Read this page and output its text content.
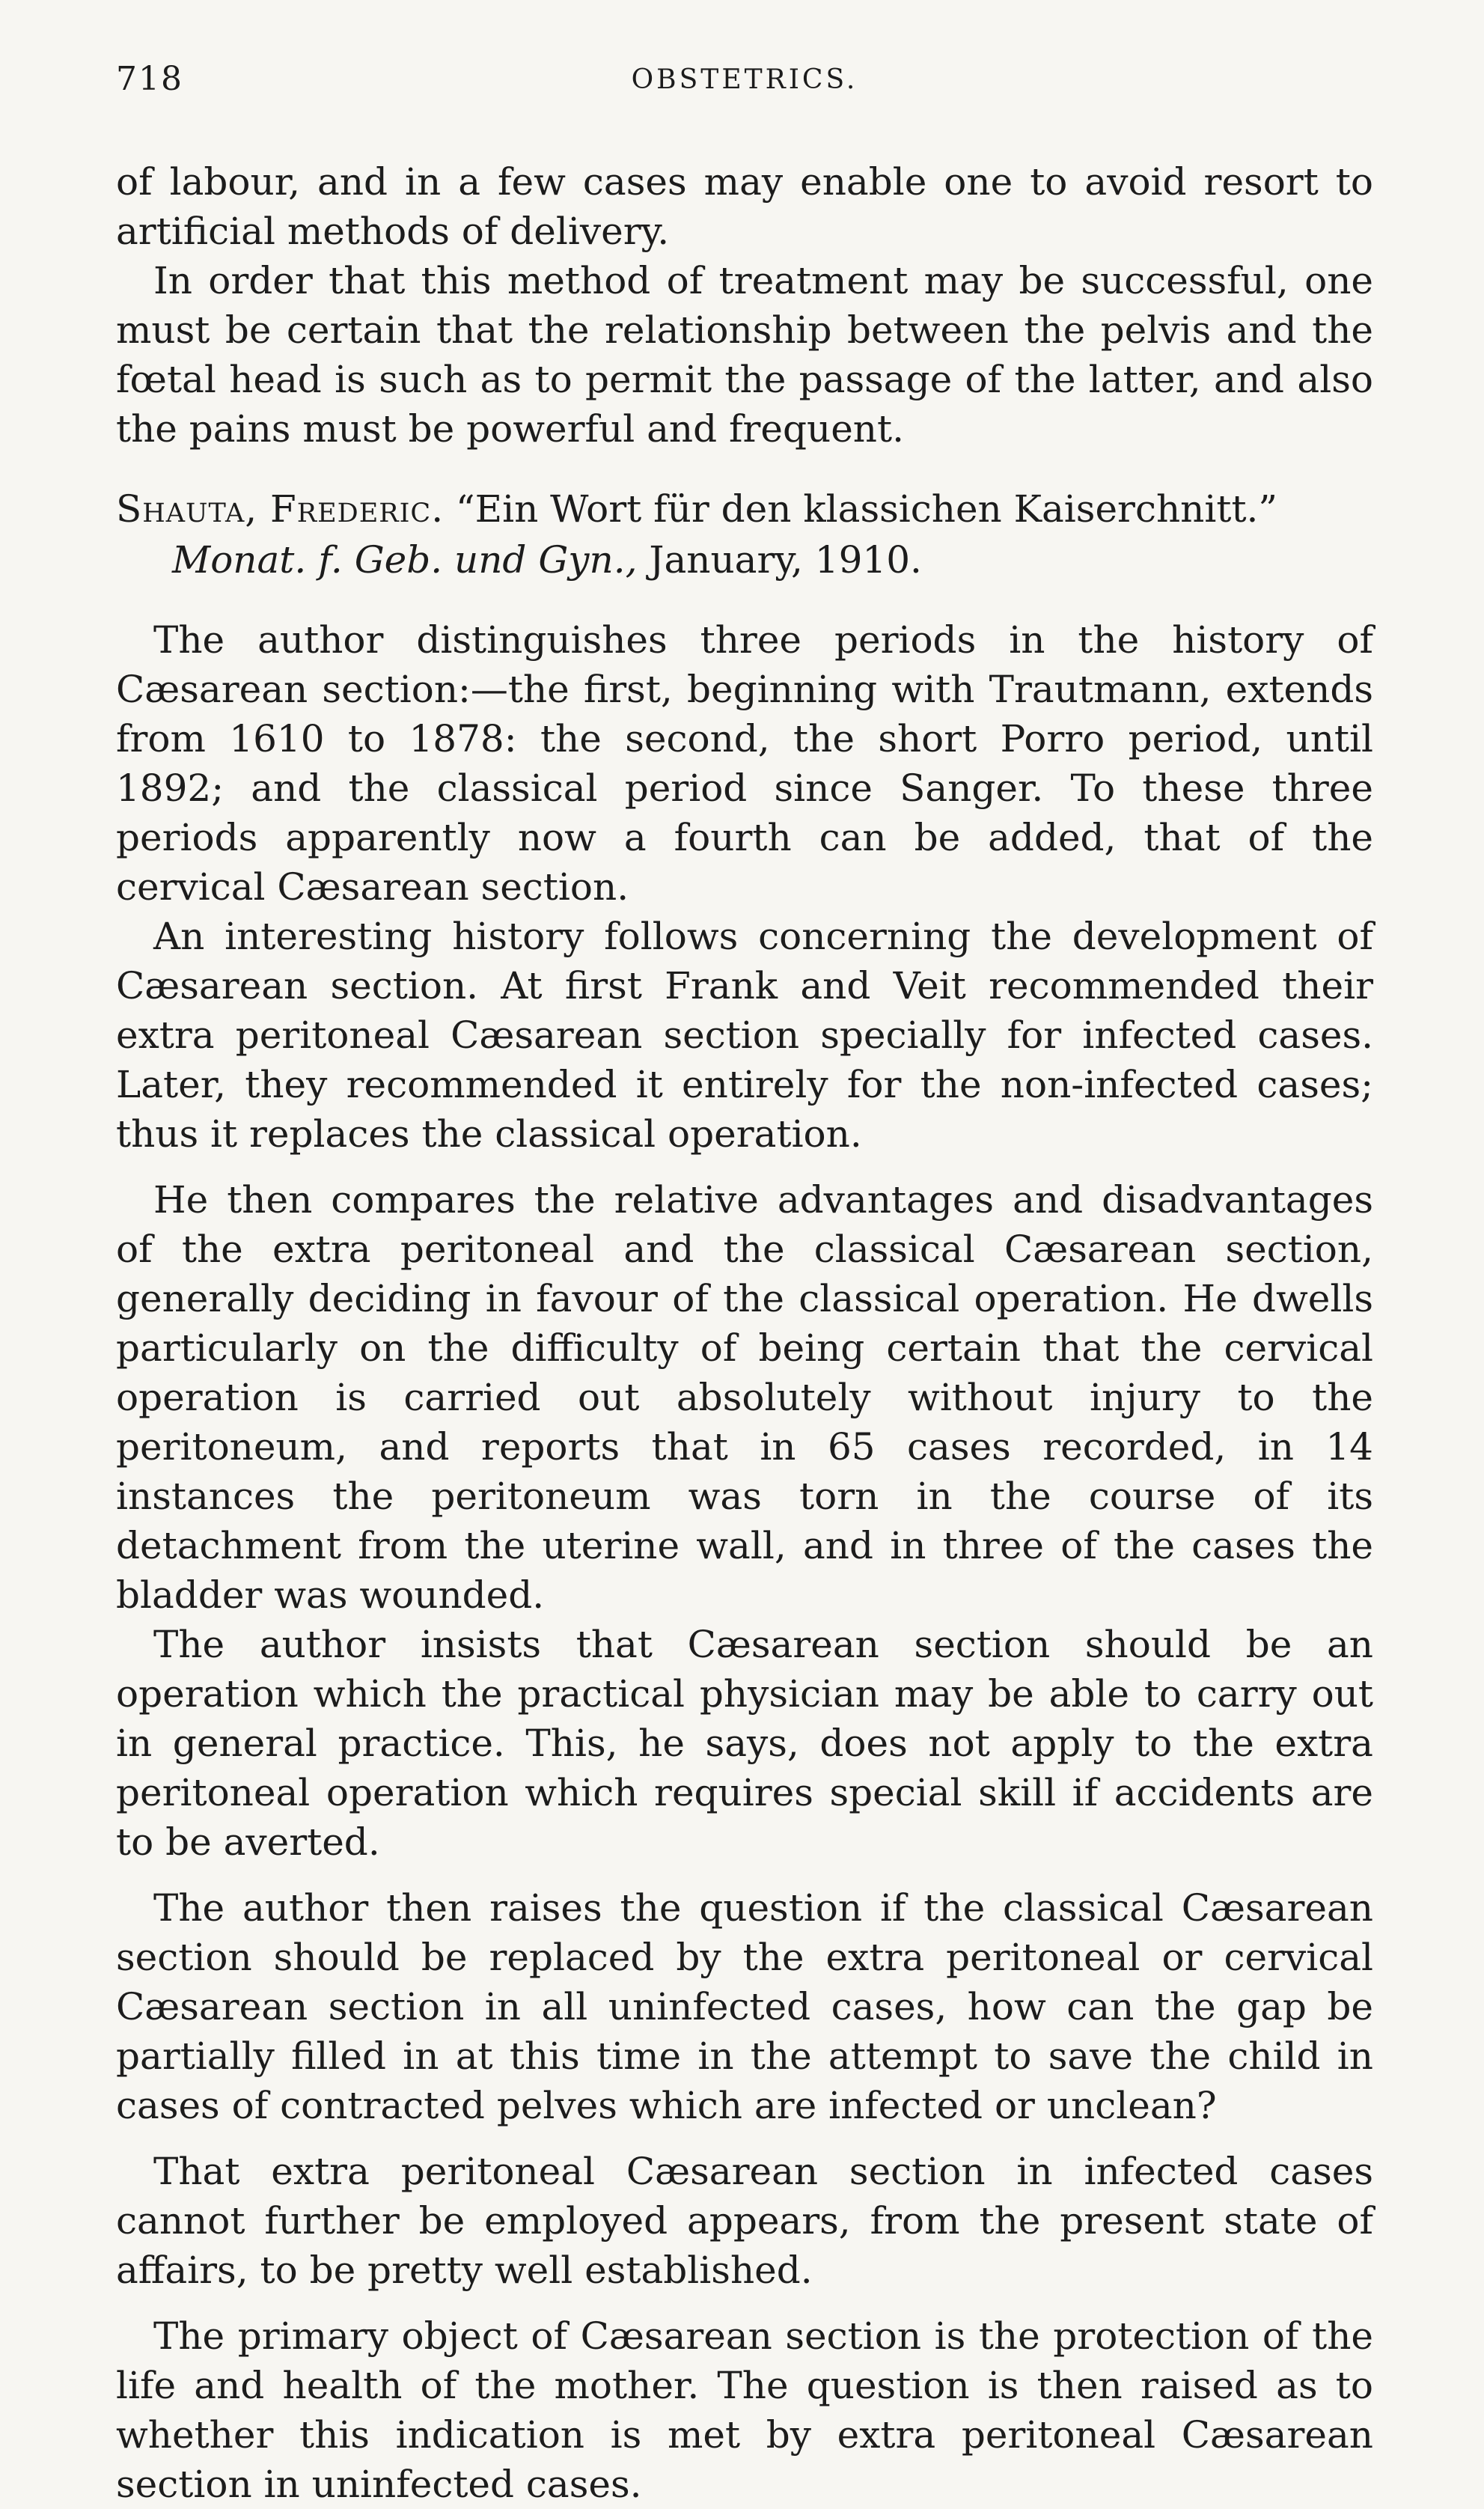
718	OBSTETRICS.

of labour, and in a few cases may enable one to avoid resort to artificial methods of delivery.

In order that this method of treatment may be successful, one must be certain that the relationship between the pelvis and the fœtal head is such as to permit the passage of the latter, and also the pains must be powerful and frequent.

Shauta, Frederic. “Ein Wort für den klassichen Kaiserchnitt.”
Monat. f. Geb. und Gyn., January, 1910.

The author distinguishes three periods in the history of Cæsarean section:—the first, beginning with Trautmann, extends from 1610 to 1878: the second, the short Porro period, until 1892; and the classical period since Sanger. To these three periods apparently now a fourth can be added, that of the cervical Cæsarean section.

An interesting history follows concerning the development of Cæsarean section. At first Frank and Veit recommended their extra peritoneal Cæsarean section specially for infected cases. Later, they recommended it entirely for the non-infected cases; thus it replaces the classical operation.

He then compares the relative advantages and disadvantages of the extra peritoneal and the classical Cæsarean section, generally deciding in favour of the classical operation. He dwells particularly on the difficulty of being certain that the cervical operation is carried out absolutely without injury to the peritoneum, and reports that in 65 cases recorded, in 14 instances the peritoneum was torn in the course of its detachment from the uterine wall, and in three of the cases the bladder was wounded.

The author insists that Cæsarean section should be an operation which the practical physician may be able to carry out in general practice. This, he says, does not apply to the extra peritoneal operation which requires special skill if accidents are to be averted.

The author then raises the question if the classical Cæsarean section should be replaced by the extra peritoneal or cervical Cæsarean section in all uninfected cases, how can the gap be partially filled in at this time in the attempt to save the child in cases of contracted pelves which are infected or unclean?

That extra peritoneal Cæsarean section in infected cases cannot further be employed appears, from the present state of affairs, to be pretty well established.

The primary object of Cæsarean section is the protection of the life and health of the mother. The question is then raised as to whether this indication is met by extra peritoneal Cæsarean section in uninfected cases.
